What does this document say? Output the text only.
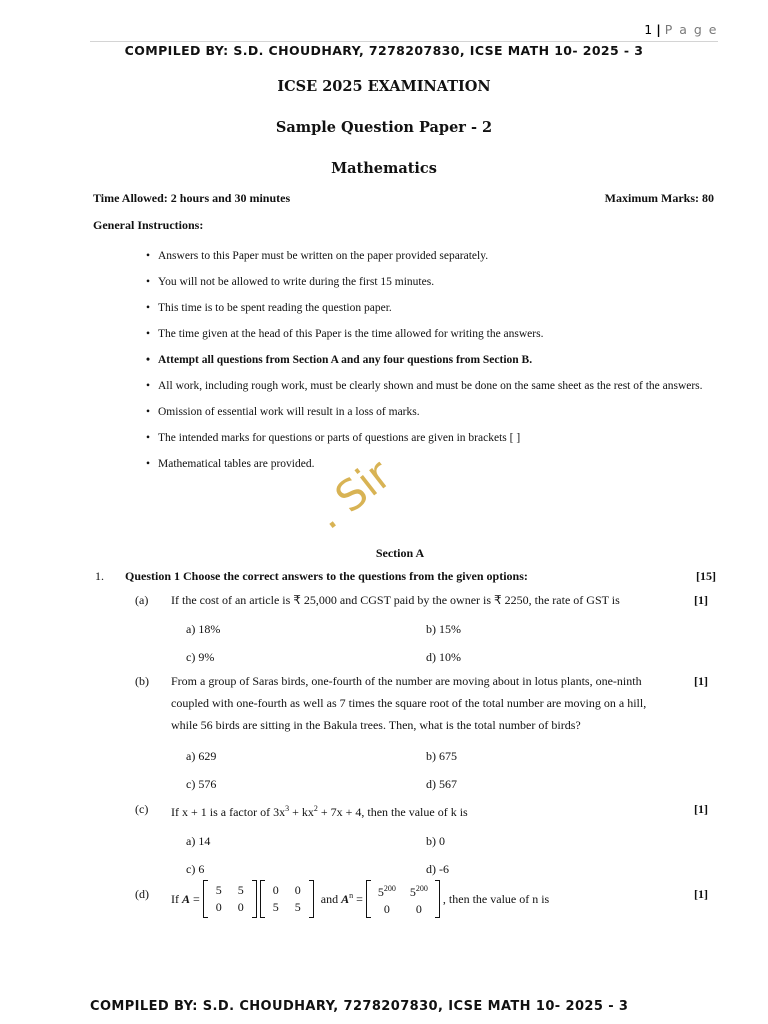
1 | P a g e
COMPILED BY: S.D. CHOUDHARY, 7278207830, ICSE MATH 10- 2025 - 3
ICSE 2025 EXAMINATION
Sample Question Paper - 2
Mathematics
Time Allowed: 2 hours and 30 minutes	Maximum Marks: 80
General Instructions:
• Answers to this Paper must be written on the paper provided separately.
• You will not be allowed to write during the first 15 minutes.
• This time is to be spent reading the question paper.
• The time given at the head of this Paper is the time allowed for writing the answers.
• Attempt all questions from Section A and any four questions from Section B.
• All work, including rough work, must be clearly shown and must be done on the same sheet as the rest of the answers.
• Omission of essential work will result in a loss of marks.
• The intended marks for questions or parts of questions are given in brackets [ ]
• Mathematical tables are provided.
. Sir
Section A
1. Question 1 Choose the correct answers to the questions from the given options:	[15]
(a) If the cost of an article is ₹ 25,000 and CGST paid by the owner is ₹ 2250, the rate of GST is	[1]
a) 18%	b) 15%
c) 9%	d) 10%
(b) From a group of Saras birds, one-fourth of the number are moving about in lotus plants, one-ninth
coupled with one-fourth as well as 7 times the square root of the total number are moving on a hill,
while 56 birds are sitting in the Bakula trees. Then, what is the total number of birds?
[1]
a) 629	b) 675
c) 576	d) 567
(c) If x + 1 is a factor of $3x^3 + kx^2 + 7x + 4$, then the value of k is	[1]
a) 14	b) 0
c) 6	d) -6
(d) If A =
5	5
0	0
0	0
5	5
and $A^n$ =	$5^{200}$	$5^{200}$
0	0
, then the value of n is	[1]
COMPILED BY: S.D. CHOUDHARY, 7278207830, ICSE MATH 10- 2025 - 3
